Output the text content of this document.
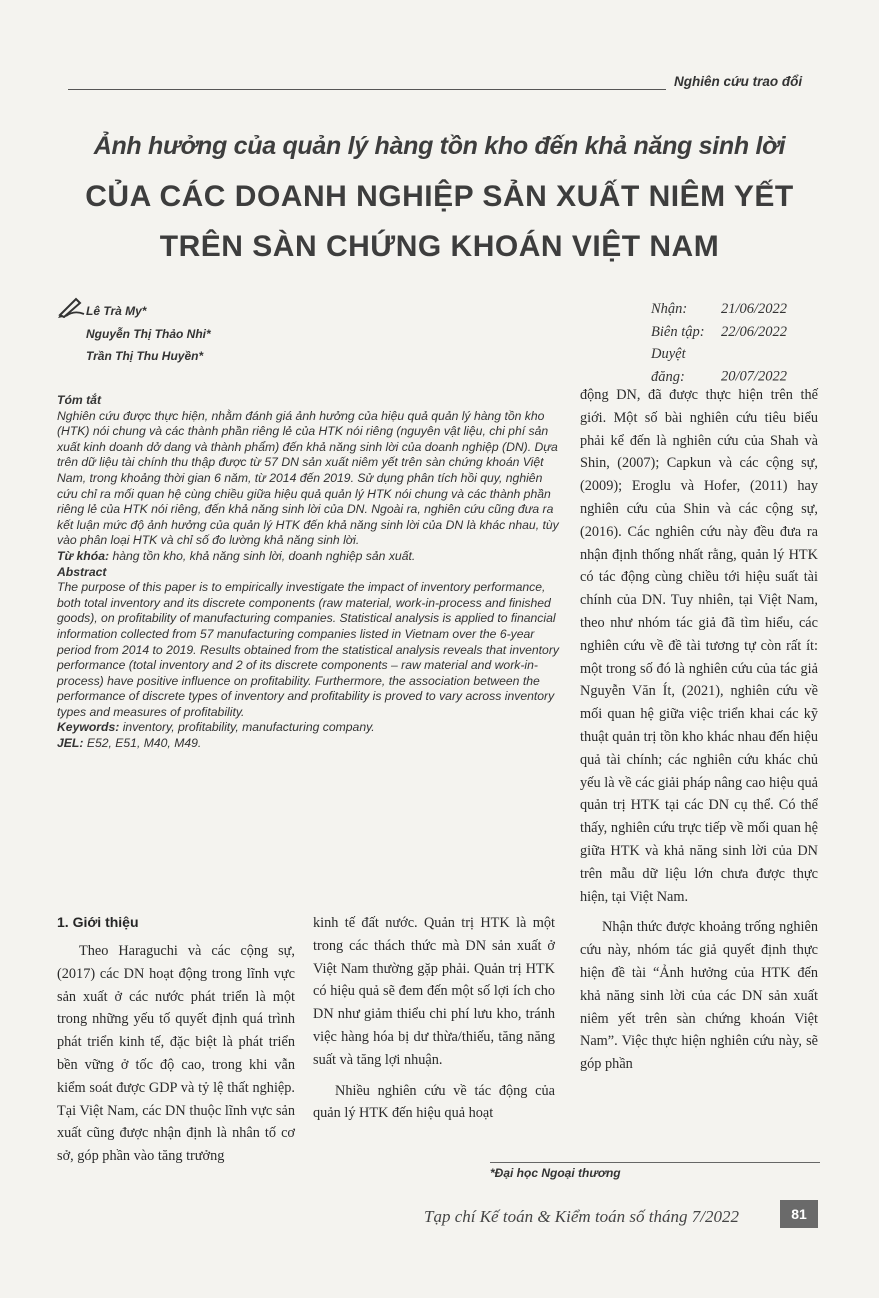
Nghiên cứu trao đổi
Ảnh hưởng của quản lý hàng tồn kho đến khả năng sinh lời
CỦA CÁC DOANH NGHIỆP SẢN XUẤT NIÊM YẾT
TRÊN SÀN CHỨNG KHOÁN VIỆT NAM
Lê Trà My*
Nguyễn Thị Thảo Nhi*
Trần Thị Thu Huyền*
Nhận: 21/06/2022
Biên tập: 22/06/2022
Duyệt đăng: 20/07/2022

Tóm tắt

Nghiên cứu được thực hiện, nhằm đánh giá ảnh hưởng của hiệu quả quản lý hàng tồn kho (HTK) nói chung và các thành phần riêng lẻ của HTK nói riêng (nguyên vật liệu, chi phí sản xuất kinh doanh dở dang và thành phẩm) đến khả năng sinh lời của doanh nghiệp (DN). Dựa trên dữ liệu tài chính thu thập được từ 57 DN sản xuất niêm yết trên sàn chứng khoán Việt Nam, trong khoảng thời gian 6 năm, từ 2014 đến 2019. Sử dụng phân tích hồi quy, nghiên cứu chỉ ra mối quan hệ cùng chiều giữa hiệu quả quản lý HTK nói chung và các thành phần riêng lẻ của HTK nói riêng, đến khả năng sinh lời của DN. Ngoài ra, nghiên cứu cũng đưa ra kết luận mức độ ảnh hưởng của quản lý HTK đến khả năng sinh lời của DN là khác nhau, tùy vào phân loại HTK và chỉ số đo lường khả năng sinh lời.

Từ khóa: hàng tồn kho, khả năng sinh lời, doanh nghiệp sản xuất.

Abstract

The purpose of this paper is to empirically investigate the impact of inventory performance, both total inventory and its discrete components (raw material, work-in-process and finished goods), on profitability of manufacturing companies. Statistical analysis is applied to financial information collected from 57 manufacturing companies listed in Vietnam over the 6-year period from 2014 to 2019. Results obtained from the statistical analysis reveals that inventory performance (total inventory and 2 of its discrete components – raw material and work-in-process) have positive influence on profitability. Furthermore, the association between the performance of discrete types of inventory and profitability is proved to vary across inventory types and measures of profitability.

Keywords: inventory, profitability, manufacturing company.

JEL: E52, E51, M40, M49.

động DN, đã được thực hiện trên thế giới. Một số bài nghiên cứu tiêu biểu phải kể đến là nghiên cứu của Shah và Shin, (2007); Capkun và các cộng sự, (2009); Eroglu và Hofer, (2011) hay nghiên cứu của Shin và các cộng sự, (2016). Các nghiên cứu này đều đưa ra nhận định thống nhất rằng, quản lý HTK có tác động cùng chiều tới hiệu suất tài chính của DN. Tuy nhiên, tại Việt Nam, theo như nhóm tác giả đã tìm hiểu, các nghiên cứu về đề tài tương tự còn rất ít: một trong số đó là nghiên cứu của tác giả Nguyễn Văn Ít, (2021), nghiên cứu về mối quan hệ giữa việc triển khai các kỹ thuật quản trị tồn kho khác nhau đến hiệu quả tài chính; các nghiên cứu khác chủ yếu là về các giải pháp nâng cao hiệu quả quản trị HTK tại các DN cụ thể. Có thể thấy, nghiên cứu trực tiếp về mối quan hệ giữa HTK và khả năng sinh lời của DN trên mẫu dữ liệu lớn chưa được thực hiện, tại Việt Nam.

Nhận thức được khoảng trống nghiên cứu này, nhóm tác giả quyết định thực hiện đề tài “Ảnh hưởng của HTK đến khả năng sinh lời của các DN sản xuất niêm yết trên sàn chứng khoán Việt Nam”. Việc thực hiện nghiên cứu này, sẽ góp phần

1. Giới thiệu

Theo Haraguchi và các cộng sự, (2017) các DN hoạt động trong lĩnh vực sản xuất ở các nước phát triển là một trong những yếu tố quyết định quá trình phát triển kinh tế, đặc biệt là phát triển bền vững ở tốc độ cao, trong khi vẫn kiểm soát được GDP và tỷ lệ thất nghiệp. Tại Việt Nam, các DN thuộc lĩnh vực sản xuất cũng được nhận định là nhân tố cơ sở, góp phần vào tăng trưởng

kinh tế đất nước. Quản trị HTK là một trong các thách thức mà DN sản xuất ở Việt Nam thường gặp phải. Quản trị HTK có hiệu quả sẽ đem đến một số lợi ích cho DN như giảm thiểu chi phí lưu kho, tránh việc hàng hóa bị dư thừa/thiếu, tăng năng suất và tăng lợi nhuận.

Nhiều nghiên cứu về tác động của quản lý HTK đến hiệu quả hoạt

*Đại học Ngoại thương
Tạp chí Kế toán & Kiểm toán số tháng 7/2022	81
